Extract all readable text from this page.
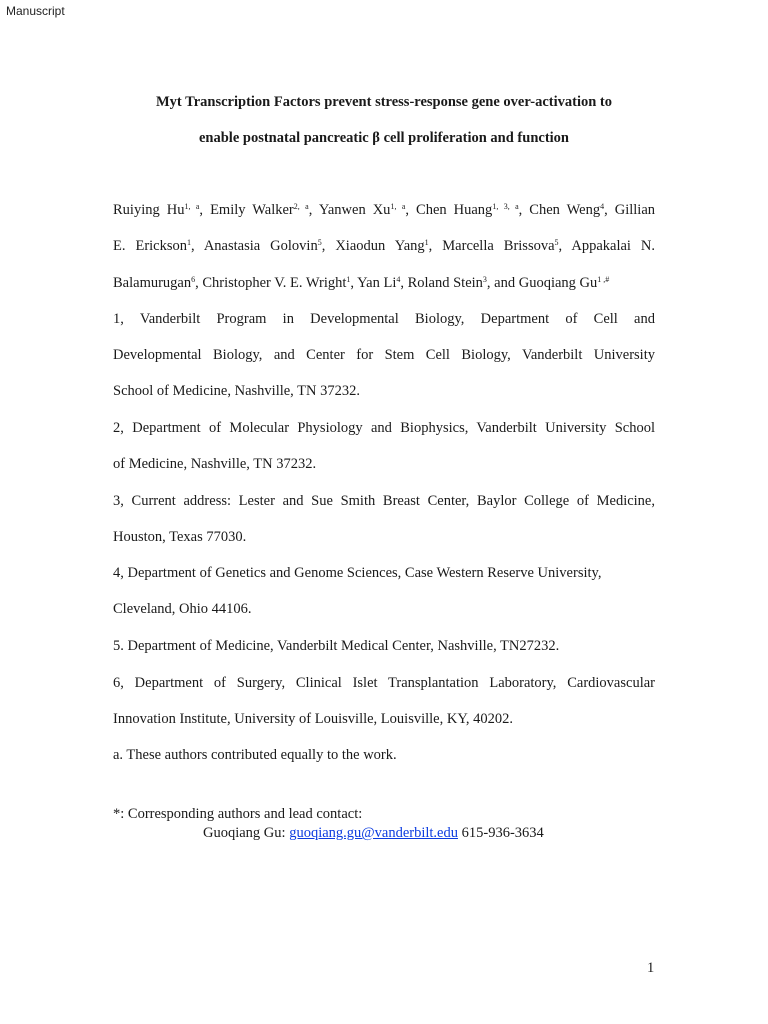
Manuscript
Myt Transcription Factors prevent stress-response gene over-activation to
enable postnatal pancreatic β cell proliferation and function
Ruiying Hu$^{1, a}$, Emily Walker$^{2, a}$, Yanwen Xu$^{1, a}$, Chen Huang$^{1, 3, a}$, Chen Weng$^4$, Gillian
E. Erickson$^1$, Anastasia Golovin$^5$, Xiaodun Yang$^1$, Marcella Brissova$^5$, Appakalai N.
Balamurugan$^6$, Christopher V. E. Wright$^1$, Yan Li$^4$, Roland Stein$^3$, and Guoqiang $Gu^{1 ,\#}$
1, Vanderbilt Program in Developmental Biology, Department of Cell and
Developmental Biology, and Center for Stem Cell Biology, Vanderbilt University
School of Medicine, Nashville, TN 37232.
2, Department of Molecular Physiology and Biophysics, Vanderbilt University School
of Medicine, Nashville, TN 37232.
3, Current address: Lester and Sue Smith Breast Center, Baylor College of Medicine,
Houston, Texas 77030.
4, Department of Genetics and Genome Sciences, Case Western Reserve University,
Cleveland, Ohio 44106.
5. Department of Medicine, Vanderbilt Medical Center, Nashville, TN27232.
6, Department of Surgery, Clinical Islet Transplantation Laboratory, Cardiovascular
Innovation Institute, University of Louisville, Louisville, KY, 40202.
a. These authors contributed equally to the work.
*: Corresponding authors and lead contact:
Guoqiang Gu: guoqiang.gu@vanderbilt.edu 615-936-3634
1
